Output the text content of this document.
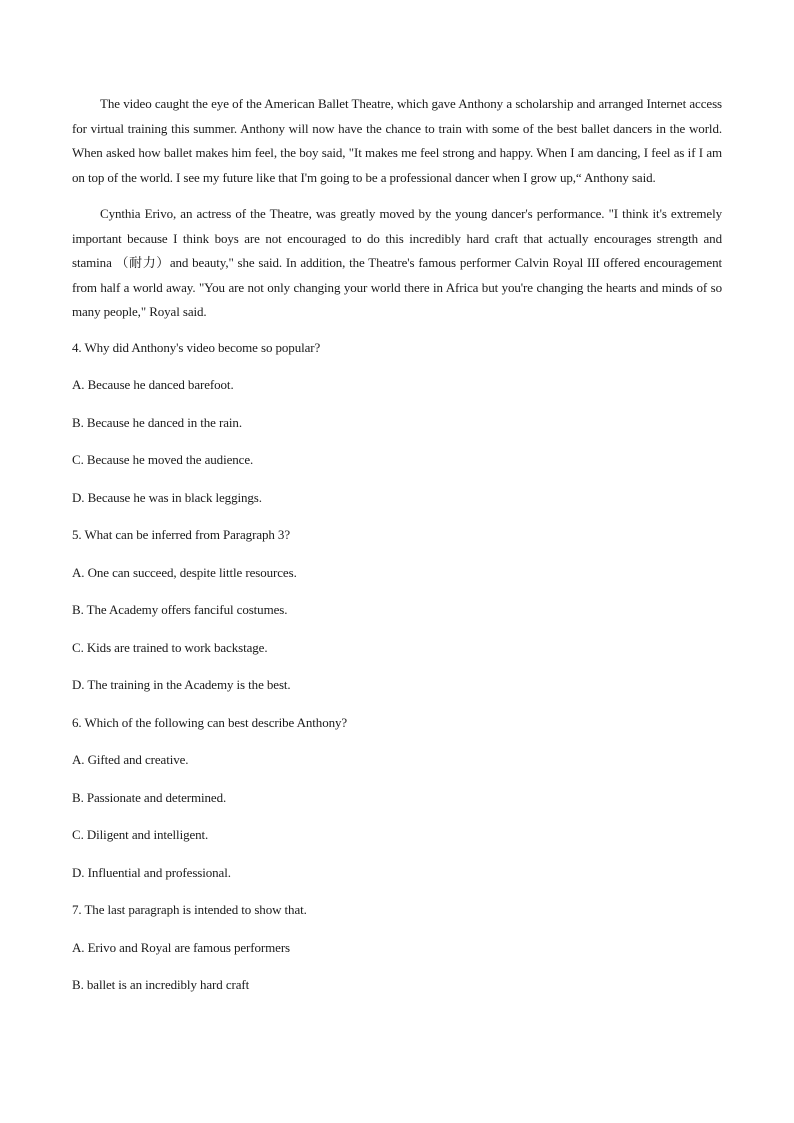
The video caught the eye of the American Ballet Theatre, which gave Anthony a scholarship and arranged Internet access for virtual training this summer. Anthony will now have the chance to train with some of the best ballet dancers in the world. When asked how ballet makes him feel, the boy said, "It makes me feel strong and happy. When I am dancing, I feel as if I am on top of the world. I see my future like that I'm going to be a professional dancer when I grow up,“ Anthony said.

Cynthia Erivo, an actress of the Theatre, was greatly moved by the young dancer's performance. "I think it's extremely important because I think boys are not encouraged to do this incredibly hard craft that actually encourages strength and stamina （耐力）and beauty," she said. In addition, the Theatre's famous performer Calvin Royal III offered encouragement from half a world away. "You are not only changing your world there in Africa but you're changing the hearts and minds of so many people," Royal said.

4. Why did Anthony's video become so popular?

A. Because he danced barefoot.

B. Because he danced in the rain.

C. Because he moved the audience.

D. Because he was in black leggings.

5. What can be inferred from Paragraph 3?

A. One can succeed, despite little resources.

B. The Academy offers fanciful costumes.

C. Kids are trained to work backstage.

D. The training in the Academy is the best.

6. Which of the following can best describe Anthony?

A. Gifted and creative.

B. Passionate and determined.

C. Diligent and intelligent.

D. Influential and professional.

7. The last paragraph is intended to show that.

A. Erivo and Royal are famous performers

B. ballet is an incredibly hard craft
